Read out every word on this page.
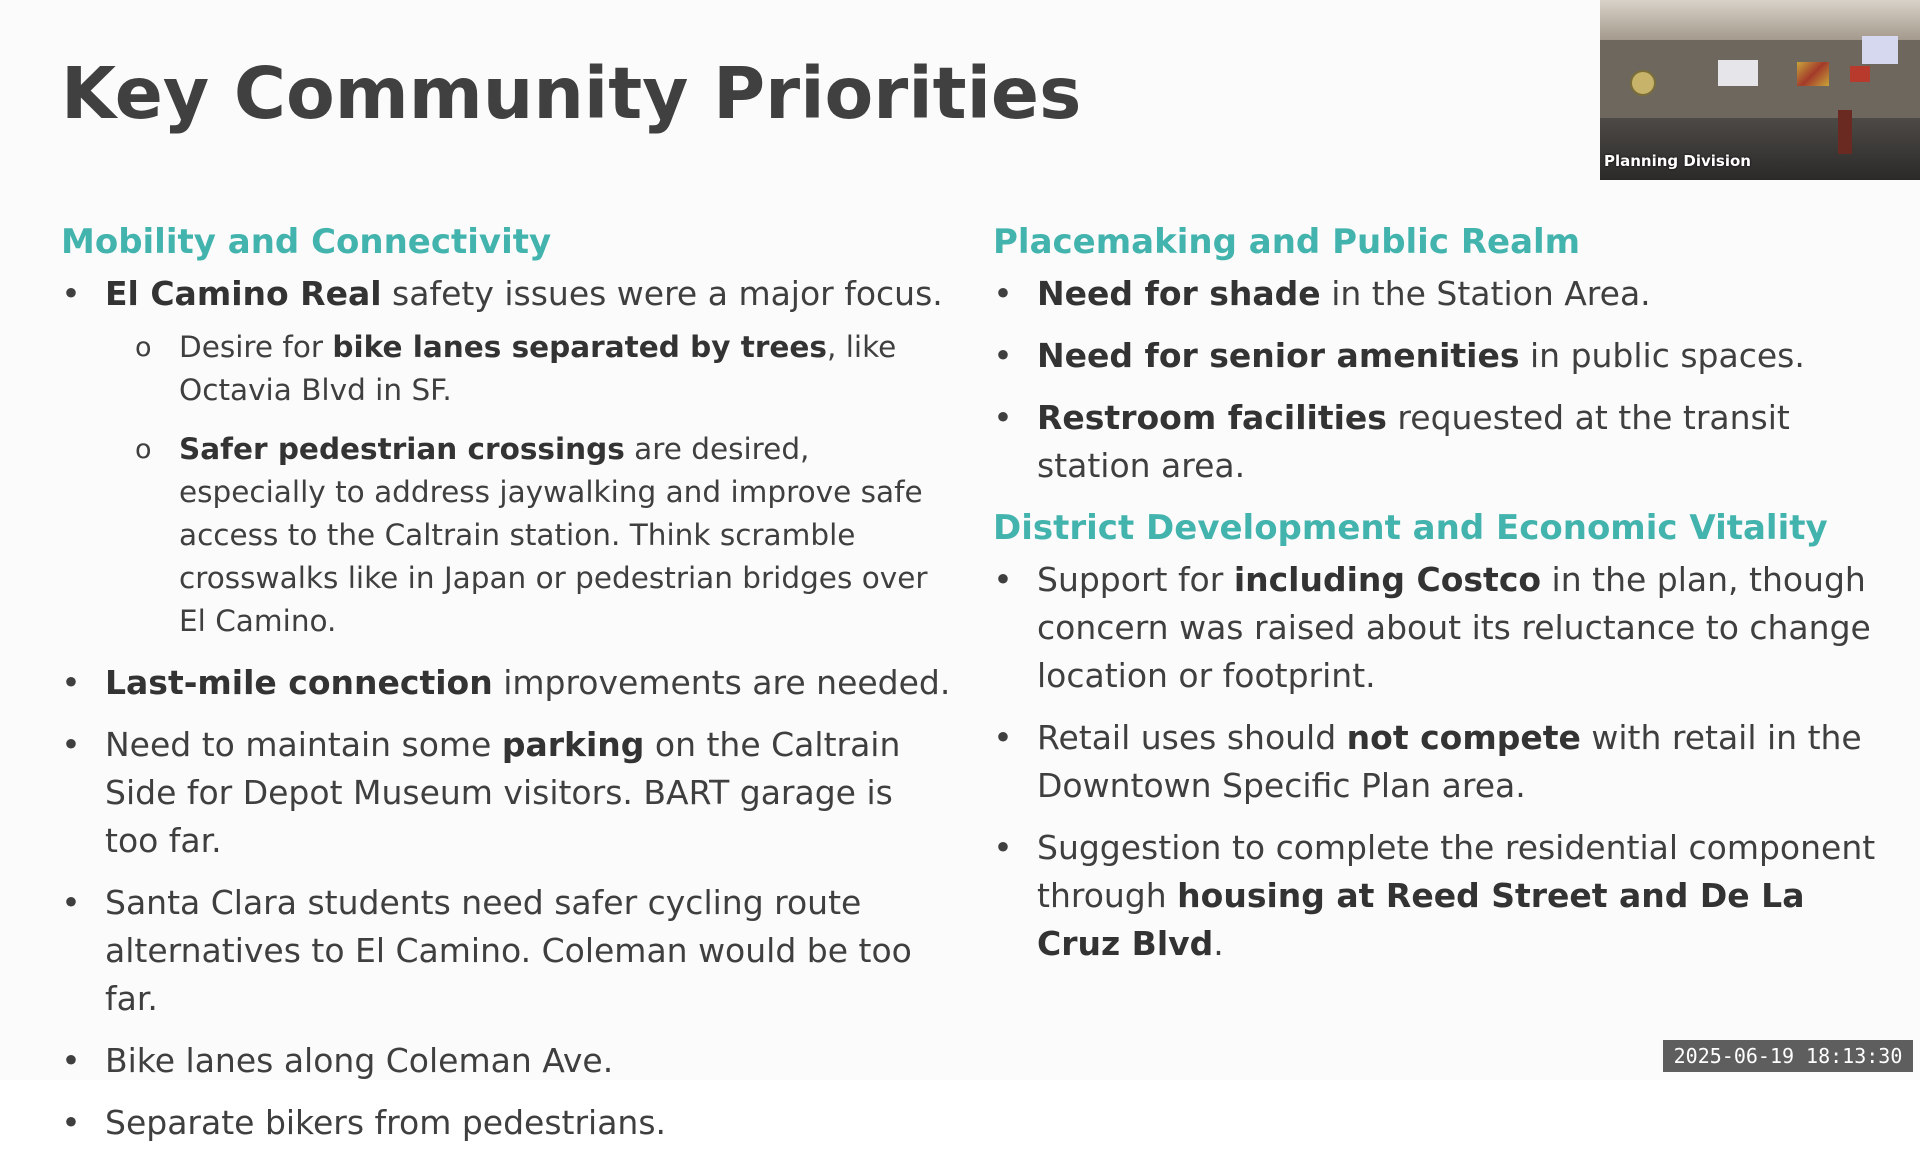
Key Community Priorities
Mobility and Connectivity
• El Camino Real safety issues were a major focus.
o Desire for bike lanes separated by trees, like Octavia Blvd in SF.
o Safer pedestrian crossings are desired, especially to address jaywalking and improve safe access to the Caltrain station. Think scramble crosswalks like in Japan or pedestrian bridges over El Camino.
• Last-mile connection improvements are needed.
• Need to maintain some parking on the Caltrain Side for Depot Museum visitors. BART garage is too far.
• Santa Clara students need safer cycling route alternatives to El Camino. Coleman would be too far.
• Bike lanes along Coleman Ave.
• Separate bikers from pedestrians.
Placemaking and Public Realm
• Need for shade in the Station Area.
• Need for senior amenities in public spaces.
• Restroom facilities requested at the transit station area.
District Development and Economic Vitality
• Support for including Costco in the plan, though concern was raised about its reluctance to change location or footprint.
• Retail uses should not compete with retail in the Downtown Specific Plan area.
• Suggestion to complete the residential component through housing at Reed Street and De La Cruz Blvd.
Planning Division
2025-06-19 18:13:30
